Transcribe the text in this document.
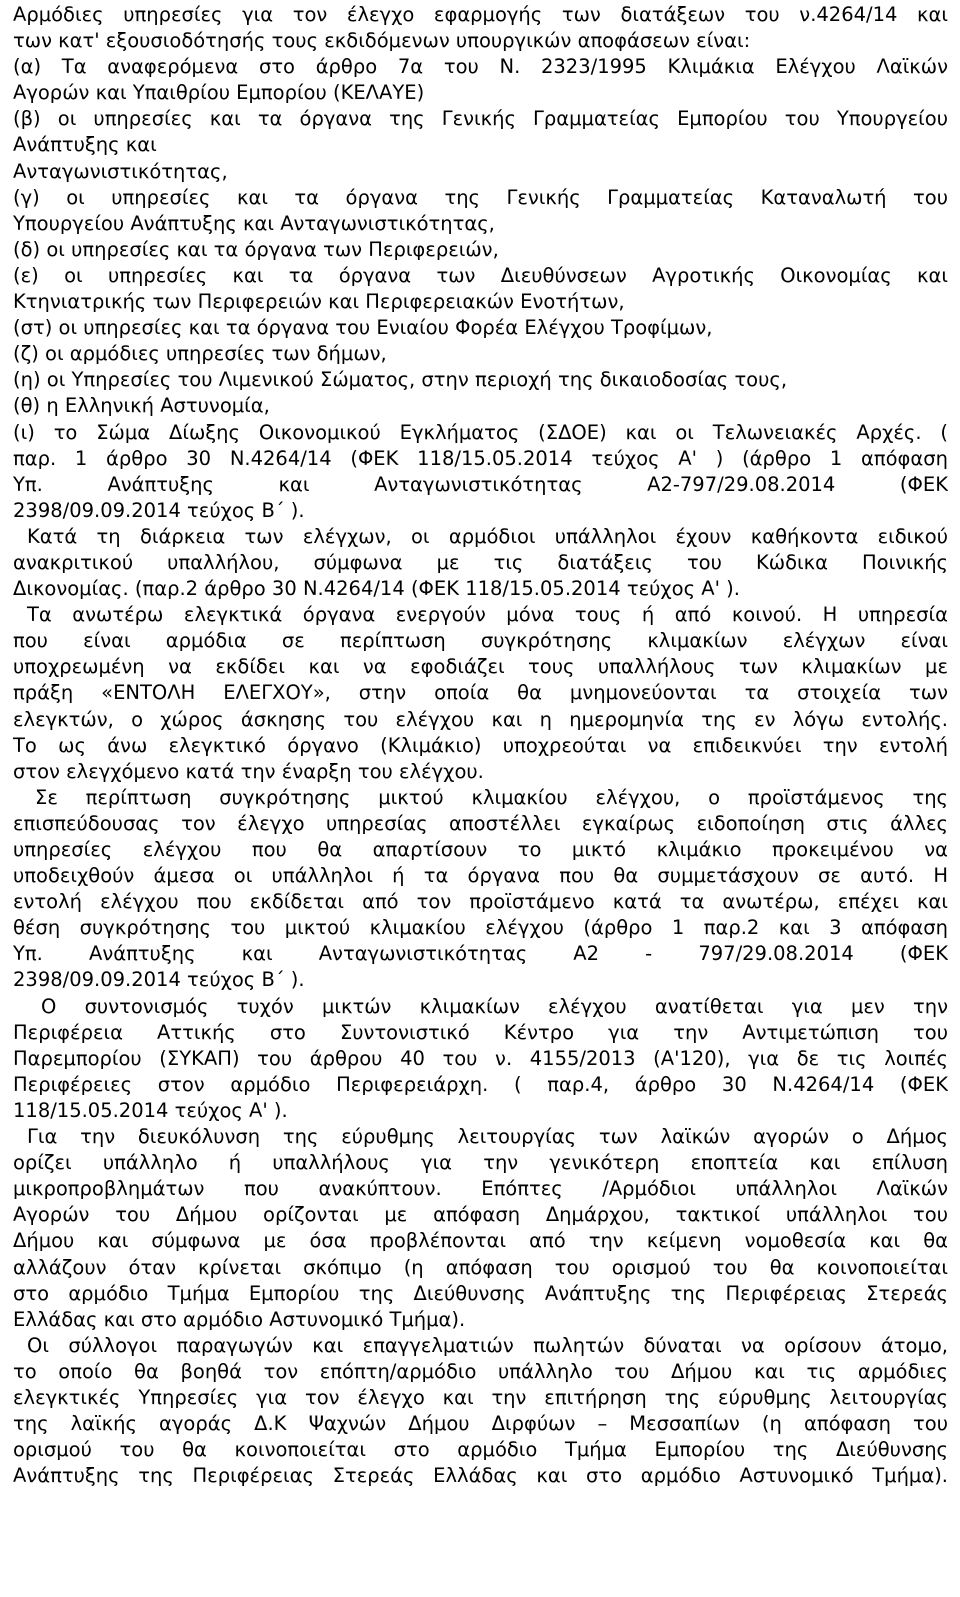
Αρμόδιες υπηρεσίες για τον έλεγχο εφαρμογής των διατάξεων του ν.4264/14 και
των κατ' εξουσιοδότησής τους εκδιδόμενων υπουργικών αποφάσεων είναι:
(α) Τα αναφερόμενα στο άρθρο 7α του Ν. 2323/1995 Κλιμάκια Ελέγχου Λαϊκών
Αγορών και Υπαιθρίου Εμπορίου (ΚΕΛΑΥΕ)
(β) οι υπηρεσίες και τα όργανα της Γενικής Γραμματείας Εμπορίου του Υπουργείου
Ανάπτυξης και
Ανταγωνιστικότητας,
(γ) οι υπηρεσίες και τα όργανα της Γενικής Γραμματείας Καταναλωτή του
Υπουργείου Ανάπτυξης και Ανταγωνιστικότητας,
(δ) οι υπηρεσίες και τα όργανα των Περιφερειών,
(ε) οι υπηρεσίες και τα όργανα των Διευθύνσεων Αγροτικής Οικονομίας και
Κτηνιατρικής των Περιφερειών και Περιφερειακών Ενοτήτων,
(στ) οι υπηρεσίες και τα όργανα του Ενιαίου Φορέα Ελέγχου Τροφίμων,
(ζ) οι αρμόδιες υπηρεσίες των δήμων,
(η) οι Υπηρεσίες του Λιμενικού Σώματος, στην περιοχή της δικαιοδοσίας τους,
(θ) η Ελληνική Αστυνομία,
(ι) το Σώμα Δίωξης Οικονομικού Εγκλήματος (ΣΔΟΕ) και οι Τελωνειακές Αρχές. (
παρ. 1 άρθρο 30 Ν.4264/14 (ΦΕΚ 118/15.05.2014 τεύχος Α' ) (άρθρο 1 απόφαση
Υπ. Ανάπτυξης και Ανταγωνιστικότητας Α2-797/29.08.2014 (ΦΕΚ
2398/09.09.2014 τεύχος Β΄ ).
Κατά τη διάρκεια των ελέγχων, οι αρμόδιοι υπάλληλοι έχουν καθήκοντα ειδικού
ανακριτικού υπαλλήλου, σύμφωνα με τις διατάξεις του Κώδικα Ποινικής
Δικονομίας. (παρ.2 άρθρο 30 Ν.4264/14 (ΦΕΚ 118/15.05.2014 τεύχος Α' ).
Τα ανωτέρω ελεγκτικά όργανα ενεργούν μόνα τους ή από κοινού. Η υπηρεσία
που είναι αρμόδια σε περίπτωση συγκρότησης κλιμακίων ελέγχων είναι
υποχρεωμένη να εκδίδει και να εφοδιάζει τους υπαλλήλους των κλιμακίων με
πράξη «ΕΝΤΟΛΗ ΕΛΕΓΧΟΥ», στην οποία θα μνημονεύονται τα στοιχεία των
ελεγκτών, ο χώρος άσκησης του ελέγχου και η ημερομηνία της εν λόγω εντολής.
Το ως άνω ελεγκτικό όργανο (Κλιμάκιο) υποχρεούται να επιδεικνύει την εντολή
στον ελεγχόμενο κατά την έναρξη του ελέγχου.
Σε περίπτωση συγκρότησης μικτού κλιμακίου ελέγχου, ο προϊστάμενος της
επισπεύδουσας τον έλεγχο υπηρεσίας αποστέλλει εγκαίρως ειδοποίηση στις άλλες
υπηρεσίες ελέγχου που θα απαρτίσουν το μικτό κλιμάκιο προκειμένου να
υποδειχθούν άμεσα οι υπάλληλοι ή τα όργανα που θα συμμετάσχουν σε αυτό. Η
εντολή ελέγχου που εκδίδεται από τον προϊστάμενο κατά τα ανωτέρω, επέχει και
θέση συγκρότησης του μικτού κλιμακίου ελέγχου (άρθρο 1 παρ.2 και 3 απόφαση
Υπ. Ανάπτυξης και Ανταγωνιστικότητας Α2 - 797/29.08.2014 (ΦΕΚ
2398/09.09.2014 τεύχος Β΄ ).
Ο συντονισμός τυχόν μικτών κλιμακίων ελέγχου ανατίθεται για μεν την
Περιφέρεια Αττικής στο Συντονιστικό Κέντρο για την Αντιμετώπιση του
Παρεμπορίου (ΣΥΚΑΠ) του άρθρου 40 του ν. 4155/2013 (Α'120), για δε τις λοιπές
Περιφέρειες στον αρμόδιο Περιφερειάρχη. ( παρ.4, άρθρο 30 Ν.4264/14 (ΦΕΚ
118/15.05.2014 τεύχος Α' ).
Για την διευκόλυνση της εύρυθμης λειτουργίας των λαϊκών αγορών ο Δήμος
ορίζει υπάλληλο ή υπαλλήλους για την γενικότερη εποπτεία και επίλυση
μικροπροβλημάτων που ανακύπτουν. Επόπτες /Αρμόδιοι υπάλληλοι Λαϊκών
Αγορών του Δήμου ορίζονται με απόφαση Δημάρχου, τακτικοί υπάλληλοι του
Δήμου και σύμφωνα με όσα προβλέπονται από την κείμενη νομοθεσία και θα
αλλάζουν όταν κρίνεται σκόπιμο (η απόφαση του ορισμού του θα κοινοποιείται
στο αρμόδιο Τμήμα Εμπορίου της Διεύθυνσης Ανάπτυξης της Περιφέρειας Στερεάς
Ελλάδας και στο αρμόδιο Αστυνομικό Τμήμα).
Οι σύλλογοι παραγωγών και επαγγελματιών πωλητών δύναται να ορίσουν άτομο,
το οποίο θα βοηθά τον επόπτη/αρμόδιο υπάλληλο του Δήμου και τις αρμόδιες
ελεγκτικές Υπηρεσίες για τον έλεγχο και την επιτήρηση της εύρυθμης λειτουργίας
της λαϊκής αγοράς Δ.Κ Ψαχνών Δήμου Διρφύων – Μεσσαπίων (η απόφαση του
ορισμού του θα κοινοποιείται στο αρμόδιο Τμήμα Εμπορίου της Διεύθυνσης
Ανάπτυξης της Περιφέρειας Στερεάς Ελλάδας και στο αρμόδιο Αστυνομικό Τμήμα).
